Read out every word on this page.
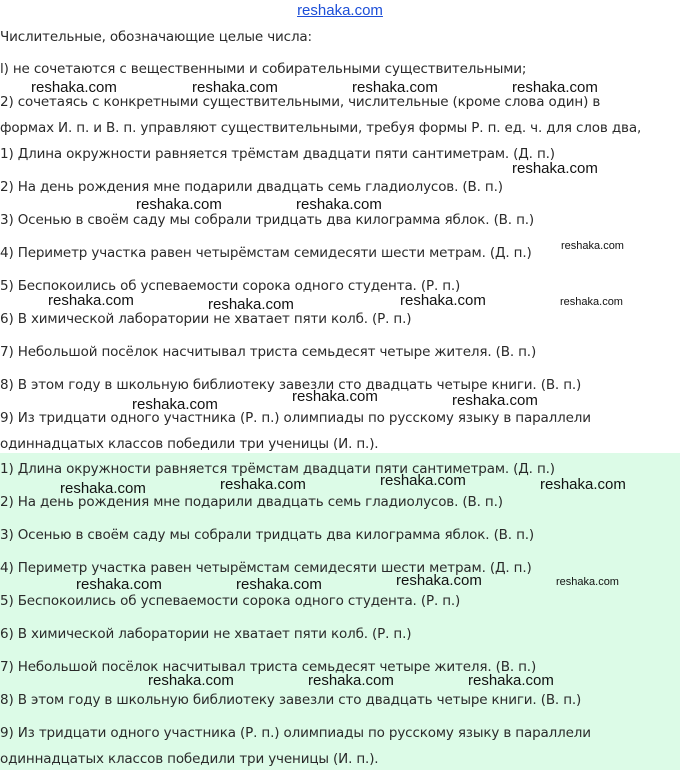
reshaka.com
Числительные, обозначающие целые числа:
l) не сочетаются с вещественными и собирательными существительными;
2) сочетаясь с конкретными существительными, числительные (кроме слова один) в
формах И. п. и В. п. управляют существительными, требуя формы Р. п. ед. ч. для слов два,
1) Длина окружности равняется трёмстам двадцати пяти сантиметрам. (Д. п.)
2) На день рождения мне подарили двадцать семь гладиолусов. (В. п.)
3) Осенью в своём саду мы собрали тридцать два килограмма яблок. (В. п.)
4) Периметр участка равен четырёмстам семидесяти шести метрам. (Д. п.)
5) Беспокоились об успеваемости сорока одного студента. (Р. п.)
6) В химической лаборатории не хватает пяти колб. (Р. п.)
7) Небольшой посёлок насчитывал триста семьдесят четыре жителя. (В. п.)
8) В этом году в школьную библиотеку завезли сто двадцать четыре книги. (В. п.)
9) Из тридцати одного участника (Р. п.) олимпиады по русскому языку в параллели
одиннадцатых классов победили три ученицы (И. п.).
1) Длина окружности равняется трёмстам двадцати пяти сантиметрам. (Д. п.)
2) На день рождения мне подарили двадцать семь гладиолусов. (В. п.)
3) Осенью в своём саду мы собрали тридцать два килограмма яблок. (В. п.)
4) Периметр участка равен четырёмстам семидесяти шести метрам. (Д. п.)
5) Беспокоились об успеваемости сорока одного студента. (Р. п.)
6) В химической лаборатории не хватает пяти колб. (Р. п.)
7) Небольшой посёлок насчитывал триста семьдесят четыре жителя. (В. п.)
8) В этом году в школьную библиотеку завезли сто двадцать четыре книги. (В. п.)
9) Из тридцати одного участника (Р. п.) олимпиады по русскому языку в параллели
одиннадцатых классов победили три ученицы (И. п.).
reshaka.com	reshaka.com	reshaka.com	reshaka.com
reshaka.com
reshaka.com	reshaka.com
reshaka.com
reshaka.com	reshaka.com	reshaka.com	reshaka.com
reshaka.com	reshaka.com	reshaka.com
reshaka.com	reshaka.com	reshaka.com	reshaka.com
reshaka.com	reshaka.com	reshaka.com	reshaka.com
reshaka.com	reshaka.com	reshaka.com
